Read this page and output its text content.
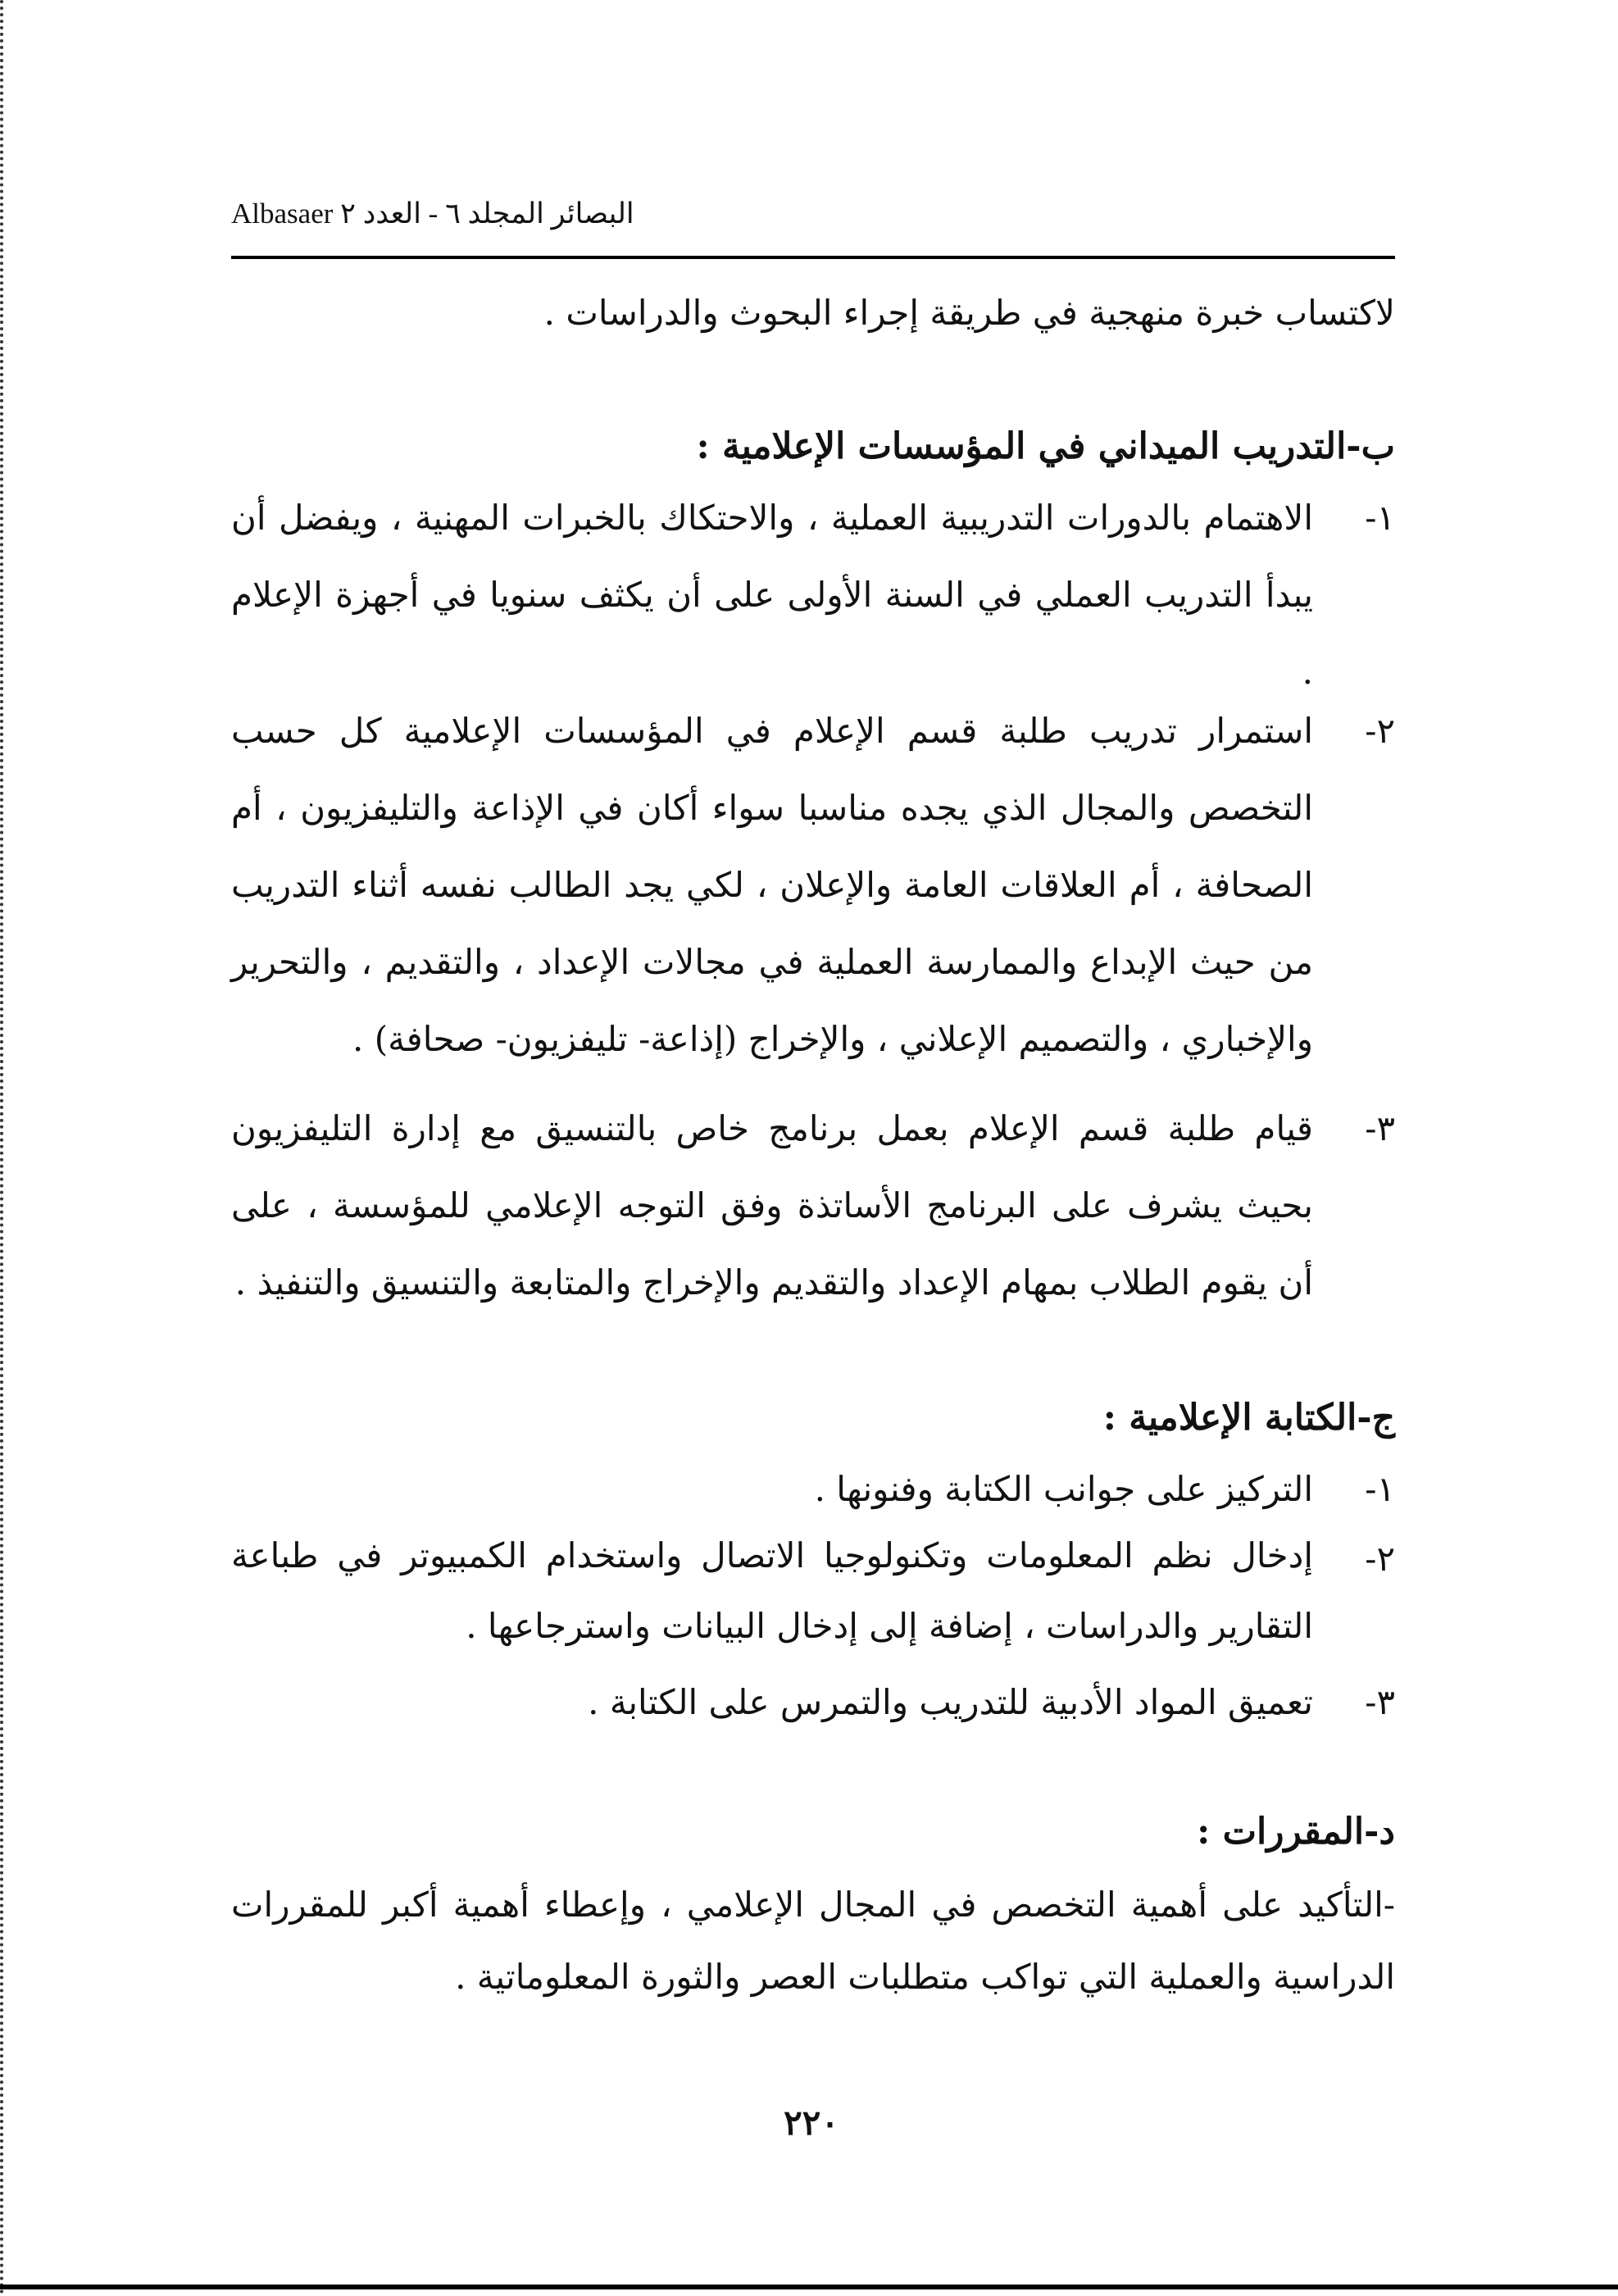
Albasaer البصائر المجلد ٦ - العدد ٢
لاكتساب خبرة منهجية في طريقة إجراء البحوث والدراسات .
ب-التدريب الميداني في المؤسسات الإعلامية :
١-
الاهتمام بالدورات التدريبية العملية ، والاحتكاك بالخبرات المهنية ، ويفضل أن يبدأ التدريب العملي في السنة الأولى على أن يكثف سنويا في أجهزة الإعلام .
٢-
استمرار تدريب طلبة قسم الإعلام في المؤسسات الإعلامية كل حسب التخصص والمجال الذي يجده مناسبا سواء أكان في الإذاعة والتليفزيون ، أم الصحافة ، أم العلاقات العامة والإعلان ، لكي يجد الطالب نفسه أثناء التدريب من حيث الإبداع والممارسة العملية في مجالات الإعداد ، والتقديم ، والتحرير والإخباري ، والتصميم الإعلاني ، والإخراج (إذاعة- تليفزيون- صحافة) .
٣-
قيام طلبة قسم الإعلام بعمل برنامج خاص بالتنسيق مع إدارة التليفزيون بحيث يشرف على البرنامج الأساتذة وفق التوجه الإعلامي للمؤسسة ، على أن يقوم الطلاب بمهام الإعداد والتقديم والإخراج والمتابعة والتنسيق والتنفيذ .
ج-الكتابة الإعلامية :
١-
التركيز على جوانب الكتابة وفنونها .
٢-
إدخال نظم المعلومات وتكنولوجيا الاتصال واستخدام الكمبيوتر في طباعة التقارير والدراسات ، إضافة إلى إدخال البيانات واسترجاعها .
٣-
تعميق المواد الأدبية للتدريب والتمرس على الكتابة .
د-المقررات :
-التأكيد على أهمية التخصص في المجال الإعلامي ، وإعطاء أهمية أكبر للمقررات الدراسية والعملية التي تواكب متطلبات العصر والثورة المعلوماتية .
٢٢٠
